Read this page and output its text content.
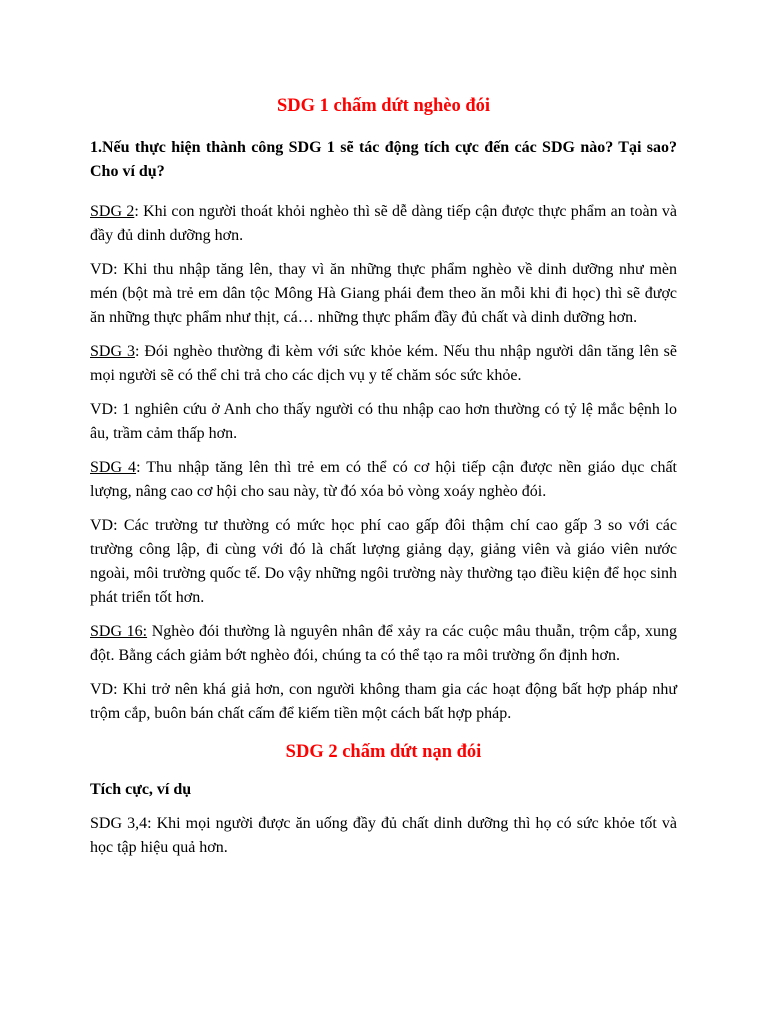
SDG 1 chấm dứt nghèo đói

1.Nếu thực hiện thành công SDG 1 sẽ tác động tích cực đến các SDG nào? Tại sao? Cho ví dụ?

SDG 2: Khi con người thoát khỏi nghèo thì sẽ dễ dàng tiếp cận được thực phẩm an toàn và đầy đủ dinh dưỡng hơn.

VD: Khi thu nhập tăng lên, thay vì ăn những thực phẩm nghèo về dinh dưỡng như mèn mén (bột mà trẻ em dân tộc Mông Hà Giang phái đem theo ăn mỗi khi đi học) thì sẽ được ăn những thực phẩm như thịt, cá… những thực phẩm đầy đủ chất và dinh dưỡng hơn.

SDG 3: Đói nghèo thường đi kèm với sức khỏe kém. Nếu thu nhập người dân tăng lên sẽ mọi người sẽ có thể chi trả cho các dịch vụ y tế chăm sóc sức khỏe.

VD: 1 nghiên cứu ở Anh cho thấy người có thu nhập cao hơn thường có tỷ lệ mắc bệnh lo âu, trầm cảm thấp hơn.

SDG 4: Thu nhập tăng lên thì trẻ em có thể có cơ hội tiếp cận được nền giáo dục chất lượng, nâng cao cơ hội cho sau này, từ đó xóa bỏ vòng xoáy nghèo đói.

VD: Các trường tư thường có mức học phí cao gấp đôi thậm chí cao gấp 3 so với các trường công lập, đi cùng với đó là chất lượng giảng dạy, giảng viên và giáo viên nước ngoài, môi trường quốc tế. Do vậy những ngôi trường này thường tạo điều kiện để học sinh phát triển tốt hơn.

SDG 16: Nghèo đói thường là nguyên nhân để xảy ra các cuộc mâu thuẫn, trộm cắp, xung đột. Bằng cách giảm bớt nghèo đói, chúng ta có thể tạo ra môi trường ổn định hơn.

VD: Khi trở nên khá giả hơn, con người không tham gia các hoạt động bất hợp pháp như trộm cắp, buôn bán chất cấm để kiếm tiền một cách bất hợp pháp.

SDG 2 chấm dứt nạn đói

Tích cực, ví dụ

SDG 3,4: Khi mọi người được ăn uống đầy đủ chất dinh dưỡng thì họ có sức khỏe tốt và học tập hiệu quả hơn.
